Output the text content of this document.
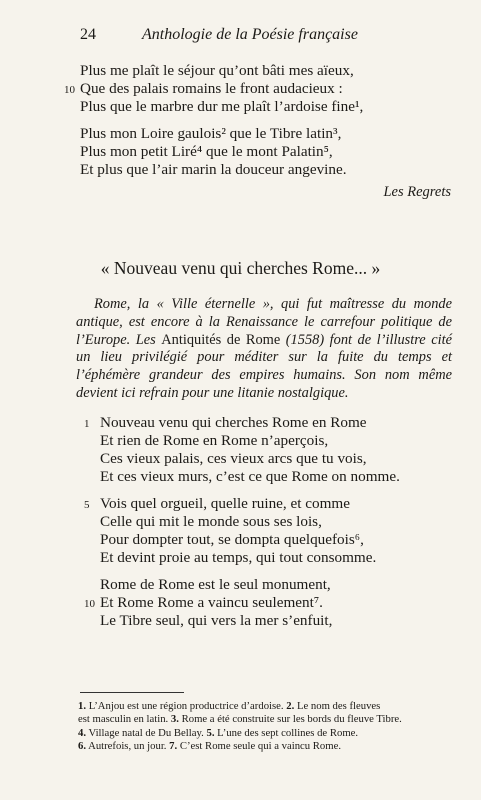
24	Anthologie de la Poésie française
Plus me plaît le séjour qu’ont bâti mes aïeux,
10 Que des palais romains le front audacieux :
Plus que le marbre dur me plaît l’ardoise fine¹,
Plus mon Loire gaulois² que le Tibre latin³,
Plus mon petit Liré⁴ que le mont Palatin⁵,
Et plus que l’air marin la douceur angevine.
Les Regrets
« Nouveau venu qui cherches Rome... »
Rome, la « Ville éternelle », qui fut maîtresse du monde antique, est encore à la Renaissance le carrefour politique de l’Europe. Les Antiquités de Rome (1558) font de l’illustre cité un lieu privilégié pour méditer sur la fuite du temps et l’éphémère grandeur des empires humains. Son nom même devient ici refrain pour une litanie nostalgique.
1 Nouveau venu qui cherches Rome en Rome
Et rien de Rome en Rome n’aperçois,
Ces vieux palais, ces vieux arcs que tu vois,
Et ces vieux murs, c’est ce que Rome on nomme.
5 Vois quel orgueil, quelle ruine, et comme
Celle qui mit le monde sous ses lois,
Pour dompter tout, se dompta quelquefois⁶,
Et devint proie au temps, qui tout consomme.
Rome de Rome est le seul monument,
10 Et Rome Rome a vaincu seulement⁷.
Le Tibre seul, qui vers la mer s’enfuit,
1. L’Anjou est une région productrice d’ardoise. 2. Le nom des fleuves
est masculin en latin. 3. Rome a été construite sur les bords du fleuve Tibre.
4. Village natal de Du Bellay. 5. L’une des sept collines de Rome.
6. Autrefois, un jour. 7. C’est Rome seule qui a vaincu Rome.
